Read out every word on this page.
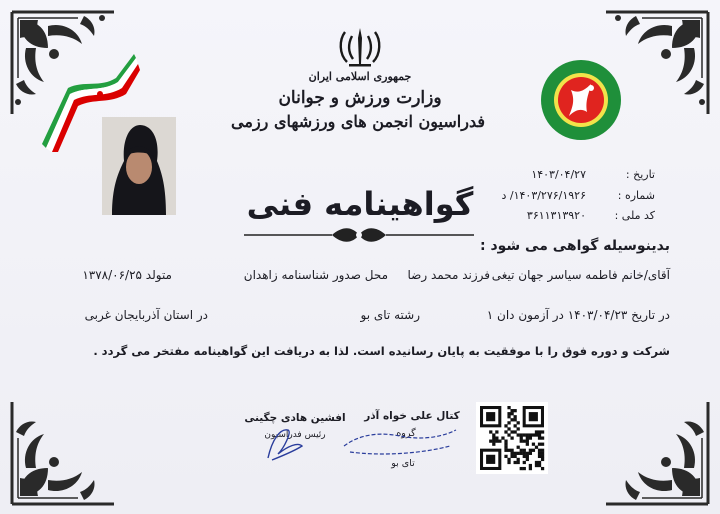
جمهوری اسلامی ایران
وزارت ورزش و جوانان
فدراسیون انجمن های ورزشهای رزمی
تاریخ :
۱۴۰۳/۰۴/۲۷
شماره :
۱۴۰۳/۲۷۶/۱۹۲۶/ د
کد ملی :
۳۶۱۱۳۱۳۹۲۰
گواهینامه فنی
بدینوسیله گواهی می شود :
آقای/خانم فاطمه سیاسر جهان تیغی
فرزند محمد رضا
محل صدور شناسنامه زاهدان
متولد ۱۳۷۸/۰۶/۲۵
در تاریخ ۱۴۰۳/۰۴/۲۳ در آزمون دان ۱
رشته تای بو
در استان آذربایجان غربی
شرکت و دوره فوق را با موفقیت به پایان رسانیده است. لذا به دریافت این گواهینامه مفتخر می گردد .
افشین هادی چگینی
رئیس فدراسیون
کتال علی خواه آذر
گروه
تای بو
